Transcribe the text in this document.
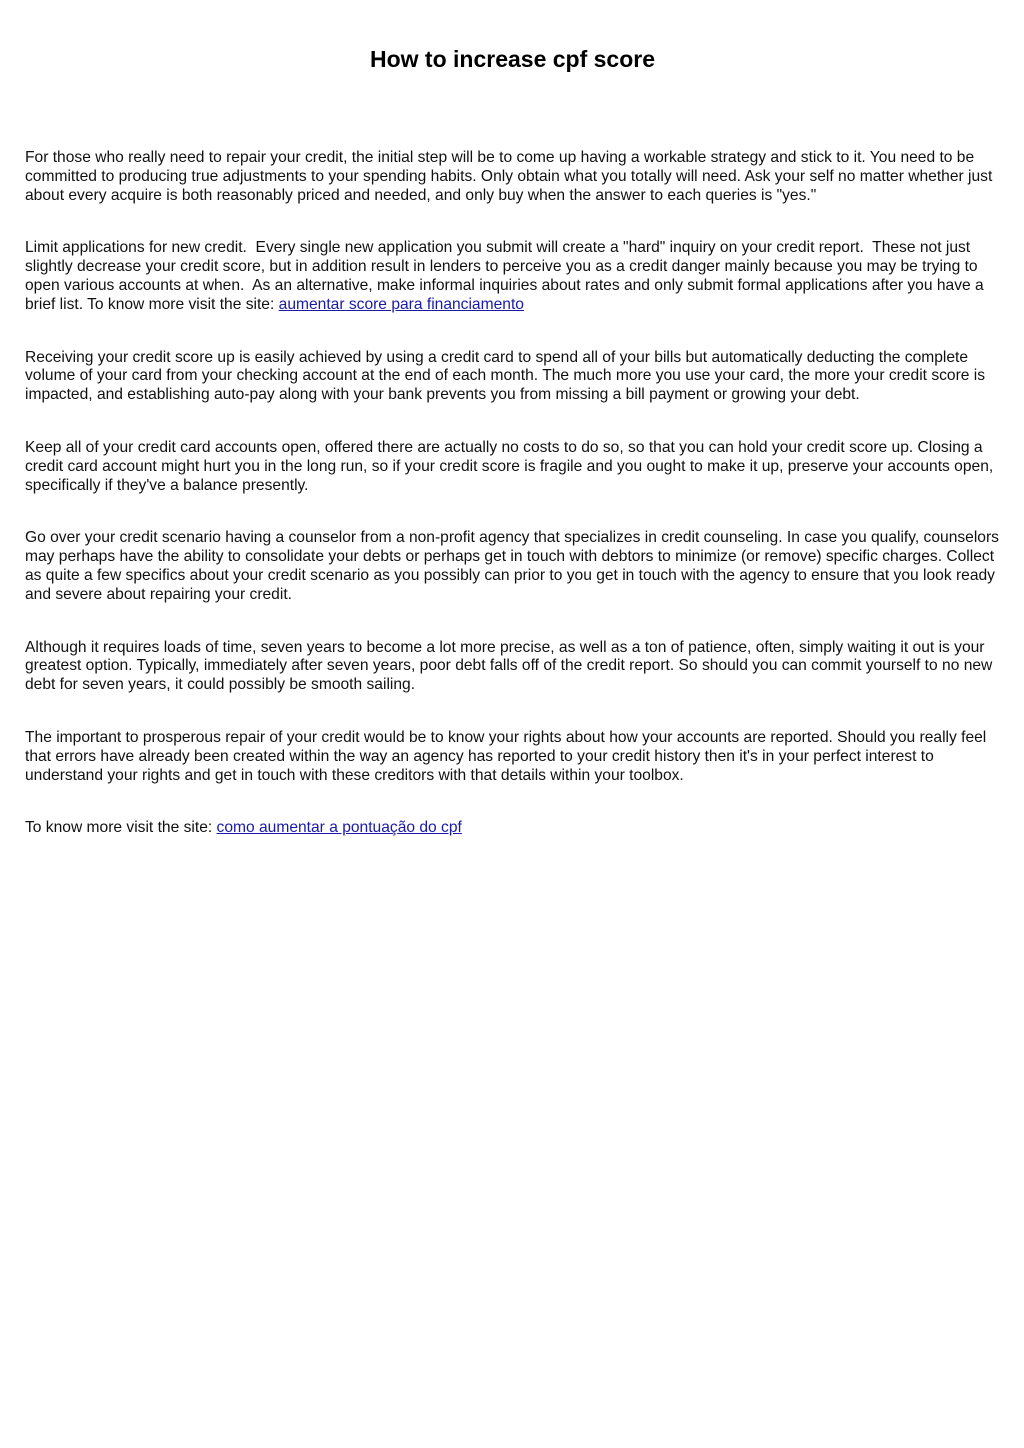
How to increase cpf score

For those who really need to repair your credit, the initial step will be to come up having a workable strategy and stick to it. You need to be committed to producing true adjustments to your spending habits. Only obtain what you totally will need. Ask your self no matter whether just about every acquire is both reasonably priced and needed, and only buy when the answer to each queries is "yes."

Limit applications for new credit.  Every single new application you submit will create a "hard" inquiry on your credit report.  These not just slightly decrease your credit score, but in addition result in lenders to perceive you as a credit danger mainly because you may be trying to open various accounts at when.  As an alternative, make informal inquiries about rates and only submit formal applications after you have a brief list. To know more visit the site: aumentar score para financiamento

Receiving your credit score up is easily achieved by using a credit card to spend all of your bills but automatically deducting the complete volume of your card from your checking account at the end of each month. The much more you use your card, the more your credit score is impacted, and establishing auto-pay along with your bank prevents you from missing a bill payment or growing your debt.

Keep all of your credit card accounts open, offered there are actually no costs to do so, so that you can hold your credit score up. Closing a credit card account might hurt you in the long run, so if your credit score is fragile and you ought to make it up, preserve your accounts open, specifically if they've a balance presently.

Go over your credit scenario having a counselor from a non-profit agency that specializes in credit counseling. In case you qualify, counselors may perhaps have the ability to consolidate your debts or perhaps get in touch with debtors to minimize (or remove) specific charges. Collect as quite a few specifics about your credit scenario as you possibly can prior to you get in touch with the agency to ensure that you look ready and severe about repairing your credit.

Although it requires loads of time, seven years to become a lot more precise, as well as a ton of patience, often, simply waiting it out is your greatest option. Typically, immediately after seven years, poor debt falls off of the credit report. So should you can commit yourself to no new debt for seven years, it could possibly be smooth sailing.

The important to prosperous repair of your credit would be to know your rights about how your accounts are reported. Should you really feel that errors have already been created within the way an agency has reported to your credit history then it's in your perfect interest to understand your rights and get in touch with these creditors with that details within your toolbox.

To know more visit the site: como aumentar a pontuação do cpf
